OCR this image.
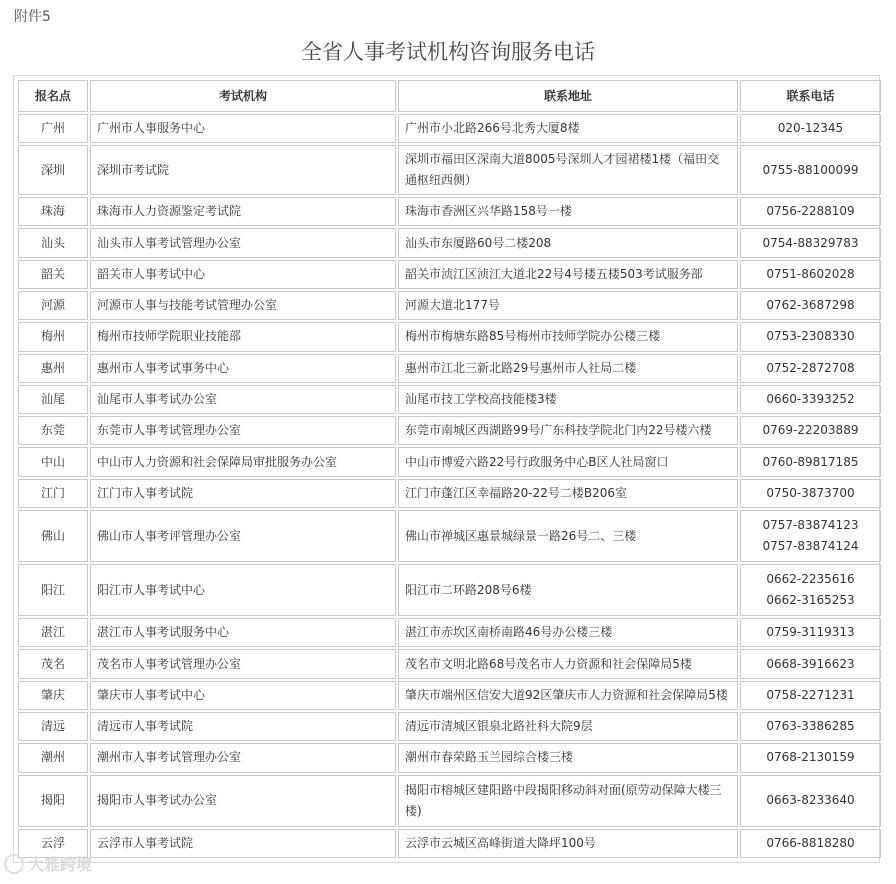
附件5
全省人事考试机构咨询服务电话
报名点	考试机构	联系地址	联系电话
广州	广州市人事服务中心	广州市小北路266号北秀大厦8楼	020-12345

深圳	深圳市考试院	深圳市福田区深南大道8005号深圳人才园裙楼1楼（福田交通枢纽西侧）	0755-88100099

珠海	珠海市人力资源鉴定考试院	珠海市香洲区兴华路158号一楼	0756-2288109

汕头	汕头市人事考试管理办公室	汕头市东厦路60号二楼208	0754-88329783

韶关	韶关市人事考试中心	韶关市浈江区浈江大道北22号4号楼五楼503考试服务部	0751-8602028

河源	河源市人事与技能考试管理办公室	河源大道北177号	0762-3687298

梅州	梅州市技师学院职业技能部	梅州市梅塘东路85号梅州市技师学院办公楼三楼	0753-2308330

惠州	惠州市人事考试事务中心	惠州市江北三新北路29号惠州市人社局二楼	0752-2872708

汕尾	汕尾市人事考试办公室	汕尾市技工学校高技能楼3楼	0660-3393252

东莞	东莞市人事考试管理办公室	东莞市南城区西湖路99号广东科技学院北门内22号楼六楼	0769-22203889

中山	中山市人力资源和社会保障局审批服务办公室	中山市博爱六路22号行政服务中心B区人社局窗口	0760-89817185

江门	江门市人事考试院	江门市蓬江区幸福路20-22号二楼B206室	0750-3873700

佛山	佛山市人事考评管理办公室	佛山市禅城区惠景城绿景一路26号二、三楼	0757-83874123
0757-83874124

阳江	阳江市人事考试中心	阳江市二环路208号6楼	0662-2235616
0662-3165253

湛江	湛江市人事考试服务中心	湛江市赤坎区南桥南路46号办公楼三楼	0759-3119313

茂名	茂名市人事考试管理办公室	茂名市文明北路68号茂名市人力资源和社会保障局5楼	0668-3916623

肇庆	肇庆市人事考试中心	肇庆市端州区信安大道92区肇庆市人力资源和社会保障局5楼	0758-2271231

清远	清远市人事考试院	清远市清城区银泉北路社科大院9层	0763-3386285

潮州	潮州市人事考试管理办公室	潮州市春荣路玉兰园综合楼三楼	0768-2130159

揭阳	揭阳市人事考试办公室	揭阳市榕城区建阳路中段揭阳移动斜对面(原劳动保障大楼三楼)	0663-8233640

云浮	云浮市人事考试院	云浮市云城区高峰街道大降坪100号	0766-8818280
大雅跨境
